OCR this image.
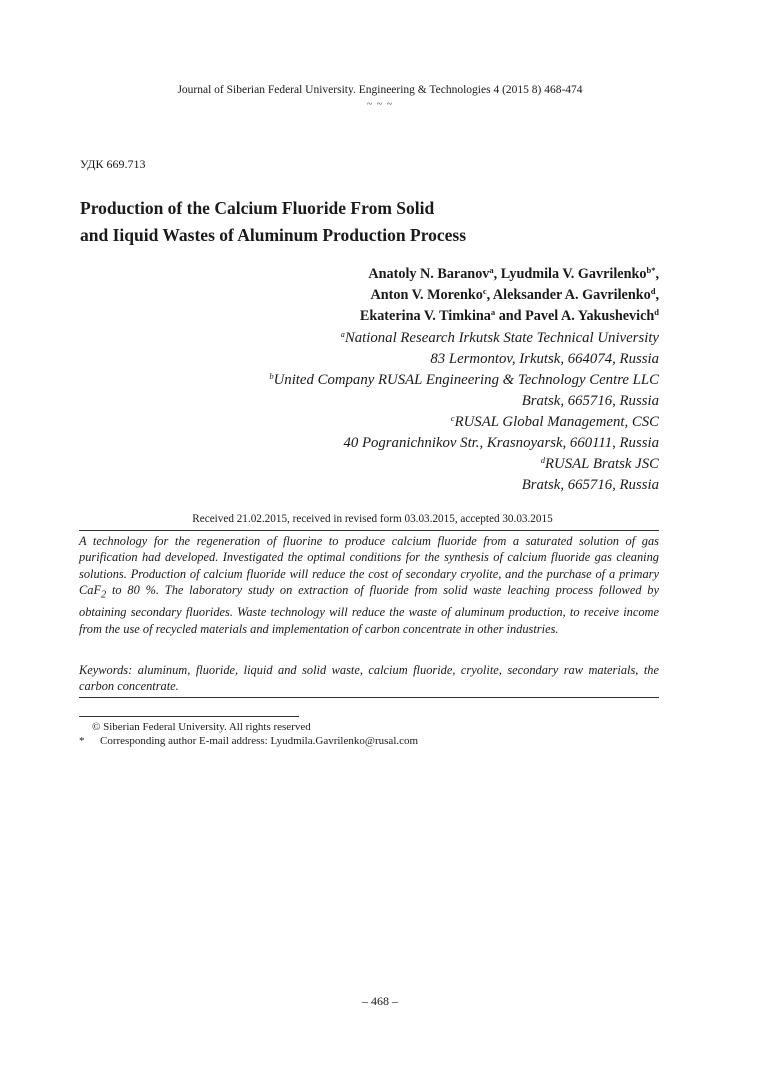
Journal of Siberian Federal University. Engineering & Technologies 4 (2015 8) 468-474
~ ~ ~
УДК 669.713
Production of the Calcium Fluoride From Solid
and Iiquid Wastes of Aluminum Production Process
Anatoly N. Baranov$^a$, Lyudmila V. Gavrilenko$^{b*}$,
Anton V. Morenko$^c$, Aleksander A. Gavrilenko$^d$,
Ekaterina V. Timkina$^a$ and Pavel A. Yakushevich$^d$
$^a$National Research Irkutsk State Technical University
83 Lermontov, Irkutsk, 664074, Russia
$^b$United Company RUSAL Engineering & Technology Centre LLC
Bratsk, 665716, Russia
$^c$RUSAL Global Management, CSC
40 Pogranichnikov Str., Krasnoyarsk, 660111, Russia
$^d$RUSAL Bratsk JSC
Bratsk, 665716, Russia
Received 21.02.2015, received in revised form 03.03.2015, accepted 30.03.2015
A technology for the regeneration of fluorine to produce calcium fluoride from a saturated solution of gas purification had developed. Investigated the optimal conditions for the synthesis of calcium fluoride gas cleaning solutions. Production of calcium fluoride will reduce the cost of secondary cryolite, and the purchase of a primary CaF$_2$ to 80 %. The laboratory study on extraction of fluoride from solid waste leaching process followed by obtaining secondary fluorides. Waste technology will reduce the waste of aluminum production, to receive income from the use of recycled materials and implementation of carbon concentrate in other industries.
Keywords: aluminum, fluoride, liquid and solid waste, calcium fluoride, cryolite, secondary raw materials, the carbon concentrate.
© Siberian Federal University. All rights reserved
* Corresponding author E-mail address: Lyudmila.Gavrilenko@rusal.com
– 468 –
